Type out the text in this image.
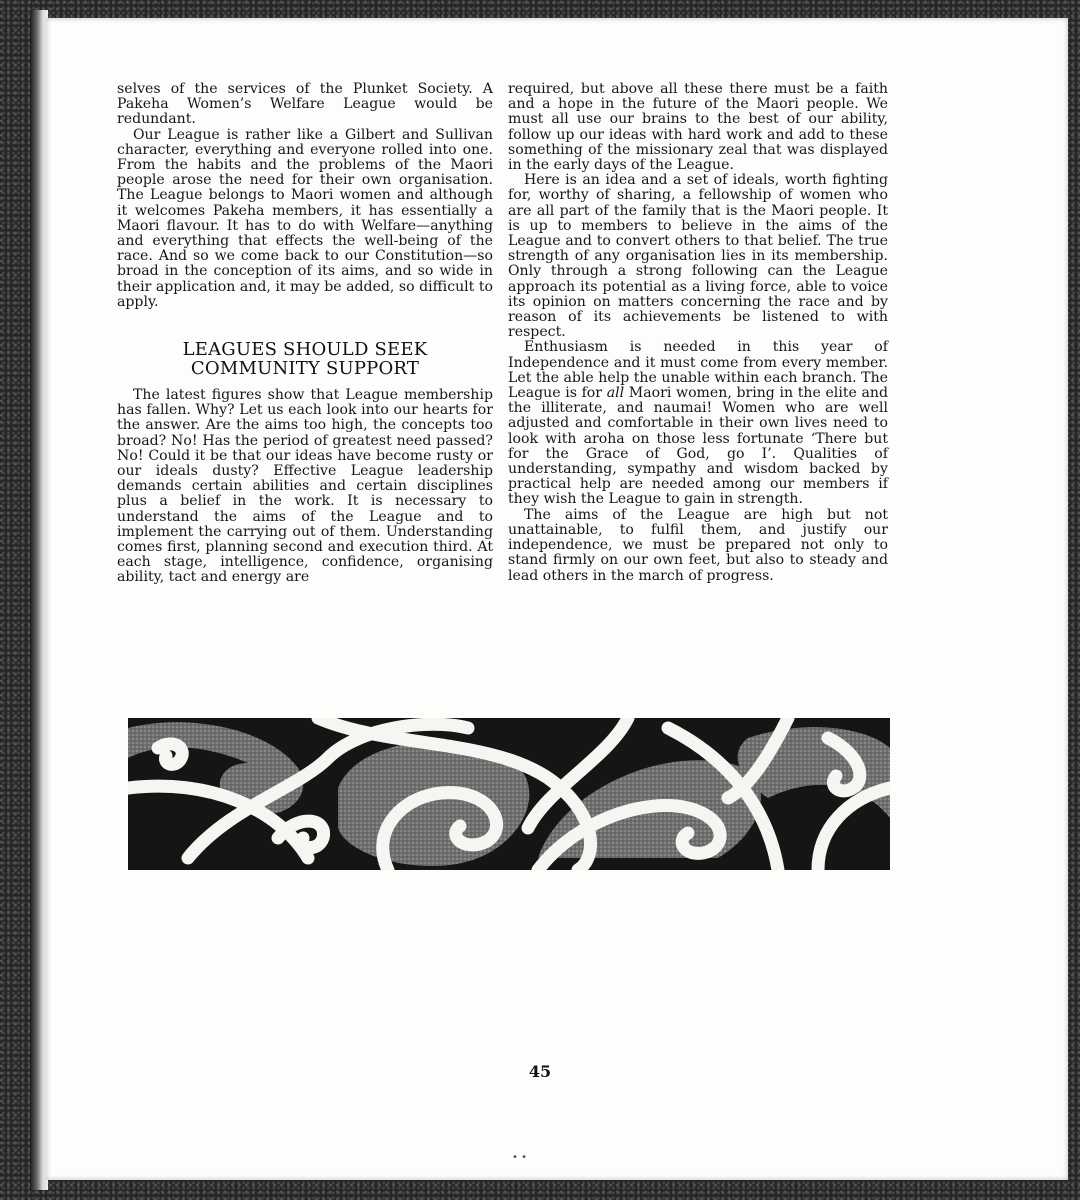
selves of the services of the Plunket Society. A Pakeha Women’s Welfare League would be redundant.

Our League is rather like a Gilbert and Sullivan character, everything and everyone rolled into one. From the habits and the problems of the Maori people arose the need for their own organisation. The League belongs to Maori women and although it welcomes Pakeha members, it has essentially a Maori flavour. It has to do with Welfare—anything and everything that effects the well-being of the race. And so we come back to our Constitution—so broad in the conception of its aims, and so wide in their application and, it may be added, so difficult to apply.

LEAGUES SHOULD SEEK
COMMUNITY SUPPORT

The latest figures show that League membership has fallen. Why? Let us each look into our hearts for the answer. Are the aims too high, the concepts too broad? No! Has the period of greatest need passed? No! Could it be that our ideas have become rusty or our ideals dusty? Effective League leadership demands certain abilities and certain disciplines plus a belief in the work. It is necessary to understand the aims of the League and to implement the carrying out of them. Understanding comes first, planning second and execution third. At each stage, intelligence, confidence, organising ability, tact and energy are

required, but above all these there must be a faith and a hope in the future of the Maori people. We must all use our brains to the best of our ability, follow up our ideas with hard work and add to these something of the missionary zeal that was displayed in the early days of the League.

Here is an idea and a set of ideals, worth fighting for, worthy of sharing, a fellowship of women who are all part of the family that is the Maori people. It is up to members to believe in the aims of the League and to convert others to that belief. The true strength of any organisation lies in its membership. Only through a strong following can the League approach its potential as a living force, able to voice its opinion on matters concerning the race and by reason of its achievements be listened to with respect.

Enthusiasm is needed in this year of Independence and it must come from every member. Let the able help the unable within each branch. The League is for all Maori women, bring in the elite and the illiterate, and naumai! Women who are well adjusted and comfortable in their own lives need to look with aroha on those less fortunate ‘There but for the Grace of God, go I’. Qualities of understanding, sympathy and wisdom backed by practical help are needed among our members if they wish the League to gain in strength.

The aims of the League are high but not unattainable, to fulfil them, and justify our independence, we must be prepared not only to stand firmly on our own feet, but also to steady and lead others in the march of progress.

45
• •
